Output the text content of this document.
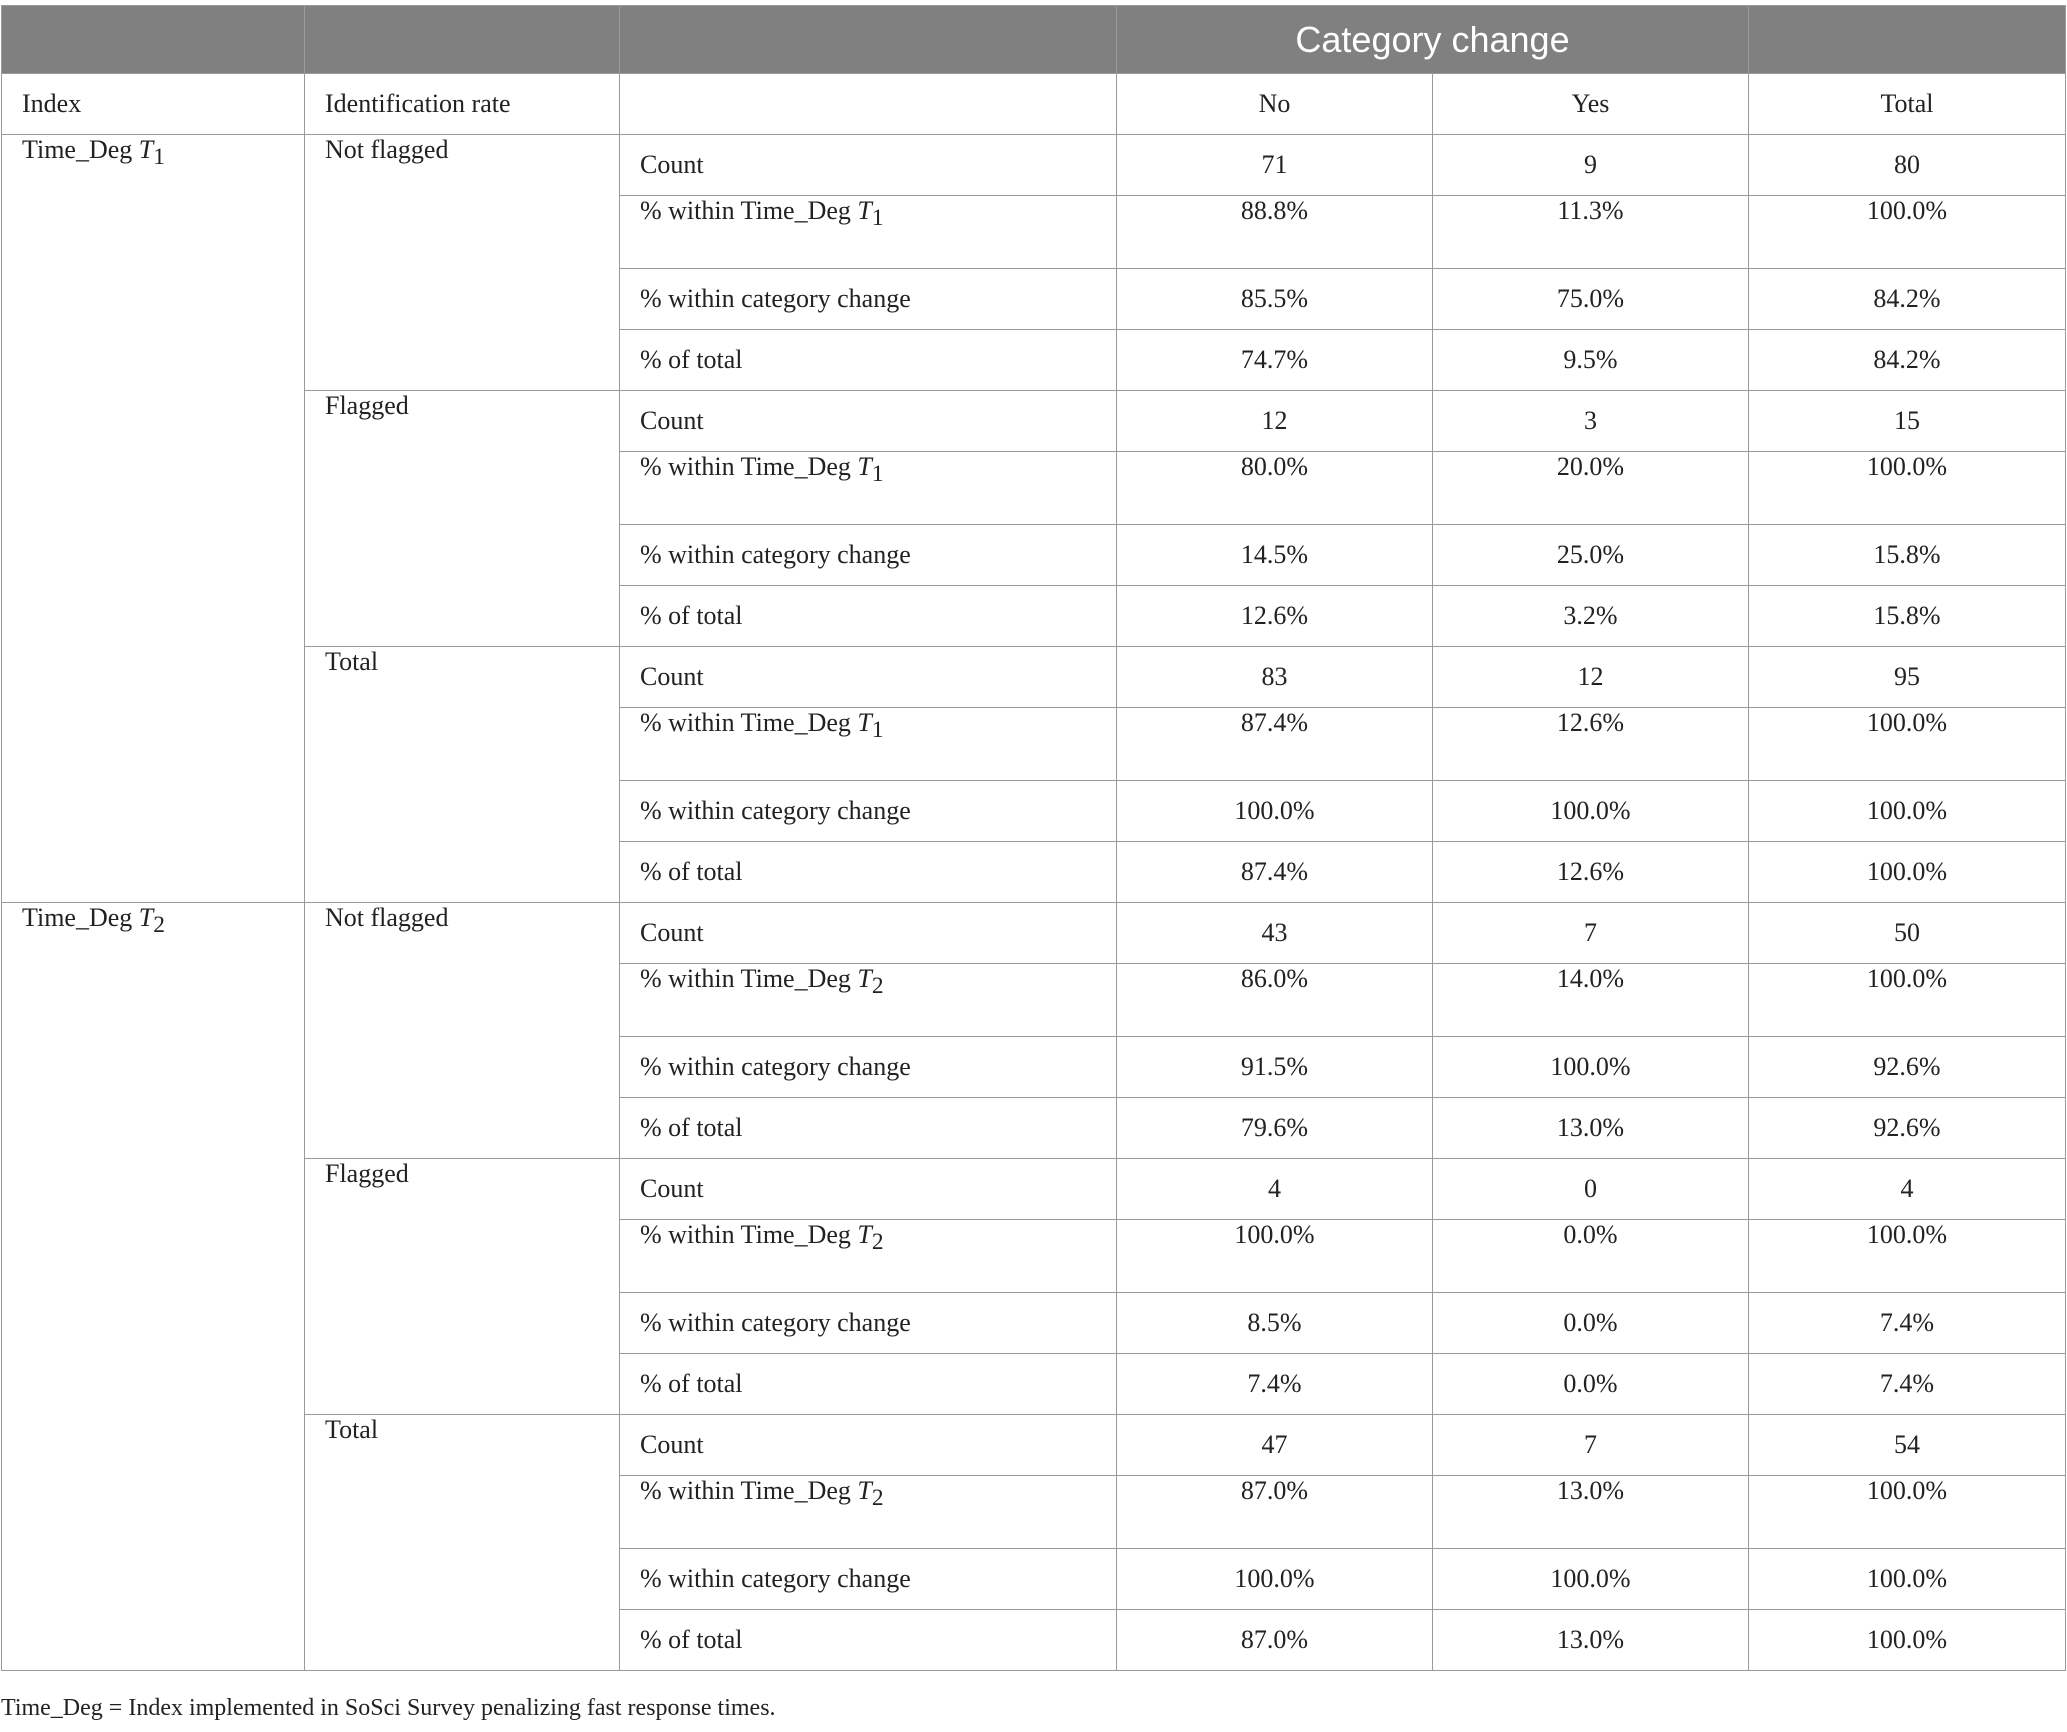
			Category change		
Index	Identification rate		No	Yes	Total
Time_Deg $T_1$	Not flagged	Count	71	9	80
		% within Time_Deg $T_1$	88.8%	11.3%	100.0%
		% within category change	85.5%	75.0%	84.2%
		% of total	74.7%	9.5%	84.2%
	Flagged	Count	12	3	15
		% within Time_Deg $T_1$	80.0%	20.0%	100.0%
		% within category change	14.5%	25.0%	15.8%
		% of total	12.6%	3.2%	15.8%
	Total	Count	83	12	95
		% within Time_Deg $T_1$	87.4%	12.6%	100.0%
		% within category change	100.0%	100.0%	100.0%
		% of total	87.4%	12.6%	100.0%
Time_Deg $T_2$	Not flagged	Count	43	7	50
		% within Time_Deg $T_2$	86.0%	14.0%	100.0%
		% within category change	91.5%	100.0%	92.6%
		% of total	79.6%	13.0%	92.6%
	Flagged	Count	4	0	4
		% within Time_Deg $T_2$	100.0%	0.0%	100.0%
		% within category change	8.5%	0.0%	7.4%
		% of total	7.4%	0.0%	7.4%
	Total	Count	47	7	54
		% within Time_Deg $T_2$	87.0%	13.0%	100.0%
		% within category change	100.0%	100.0%	100.0%
		% of total	87.0%	13.0%	100.0%
Time_Deg = Index implemented in SoSci Survey penalizing fast response times.
